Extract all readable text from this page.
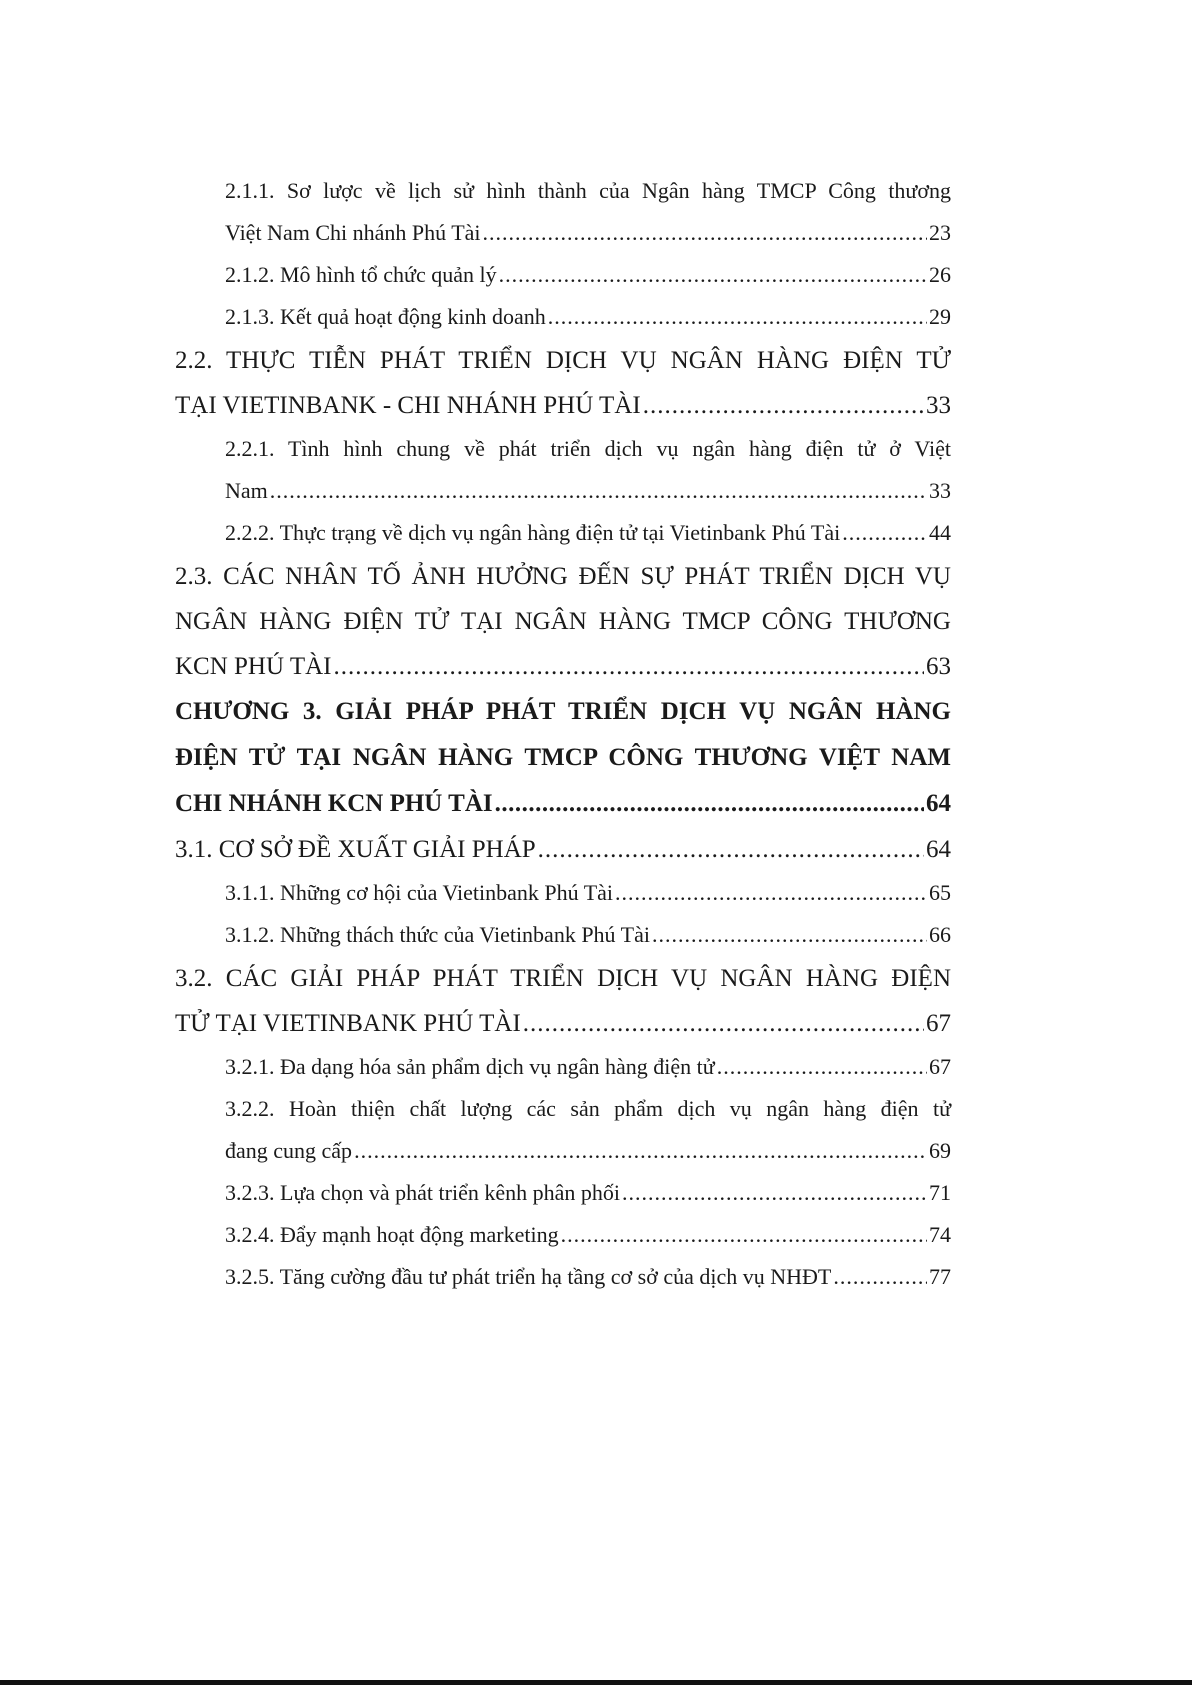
2.1.1. Sơ lược về lịch sử hình thành của Ngân hàng TMCP Công thương
Việt Nam Chi nhánh Phú Tài .....	23
2.1.2. Mô hình tổ chức quản lý .....	26
2.1.3. Kết quả hoạt động kinh doanh .....	29
2.2. THỰC TIỄN PHÁT TRIỂN DỊCH VỤ NGÂN HÀNG ĐIỆN TỬ
TẠI VIETINBANK - CHI NHÁNH PHÚ TÀI .....	33
2.2.1. Tình hình chung về phát triển dịch vụ ngân hàng điện tử ở Việt
Nam .....	33
2.2.2. Thực trạng về dịch vụ ngân hàng điện tử tại Vietinbank Phú Tài .....	44
2.3. CÁC NHÂN TỐ ẢNH HƯỞNG ĐẾN SỰ PHÁT TRIỂN DỊCH VỤ
NGÂN HÀNG ĐIỆN TỬ TẠI NGÂN HÀNG TMCP CÔNG THƯƠNG
KCN PHÚ TÀI .....	63
CHƯƠNG 3. GIẢI PHÁP PHÁT TRIỂN DỊCH VỤ NGÂN HÀNG
ĐIỆN TỬ TẠI NGÂN HÀNG TMCP CÔNG THƯƠNG VIỆT NAM
CHI NHÁNH KCN PHÚ TÀI .....	64
3.1. CƠ SỞ ĐỀ XUẤT GIẢI PHÁP .....	64
3.1.1. Những cơ hội của Vietinbank Phú Tài .....	65
3.1.2. Những thách thức của Vietinbank Phú Tài .....	66
3.2. CÁC GIẢI PHÁP PHÁT TRIỂN DỊCH VỤ NGÂN HÀNG ĐIỆN
TỬ TẠI VIETINBANK PHÚ TÀI .....	67
3.2.1. Đa dạng hóa sản phẩm dịch vụ ngân hàng điện tử .....	67
3.2.2. Hoàn thiện chất lượng các sản phẩm dịch vụ ngân hàng điện tử
đang cung cấp .....	69
3.2.3. Lựa chọn và phát triển kênh phân phối .....	71
3.2.4. Đẩy mạnh hoạt động marketing .....	74
3.2.5. Tăng cường đầu tư phát triển hạ tầng cơ sở của dịch vụ NHĐT .....	77
